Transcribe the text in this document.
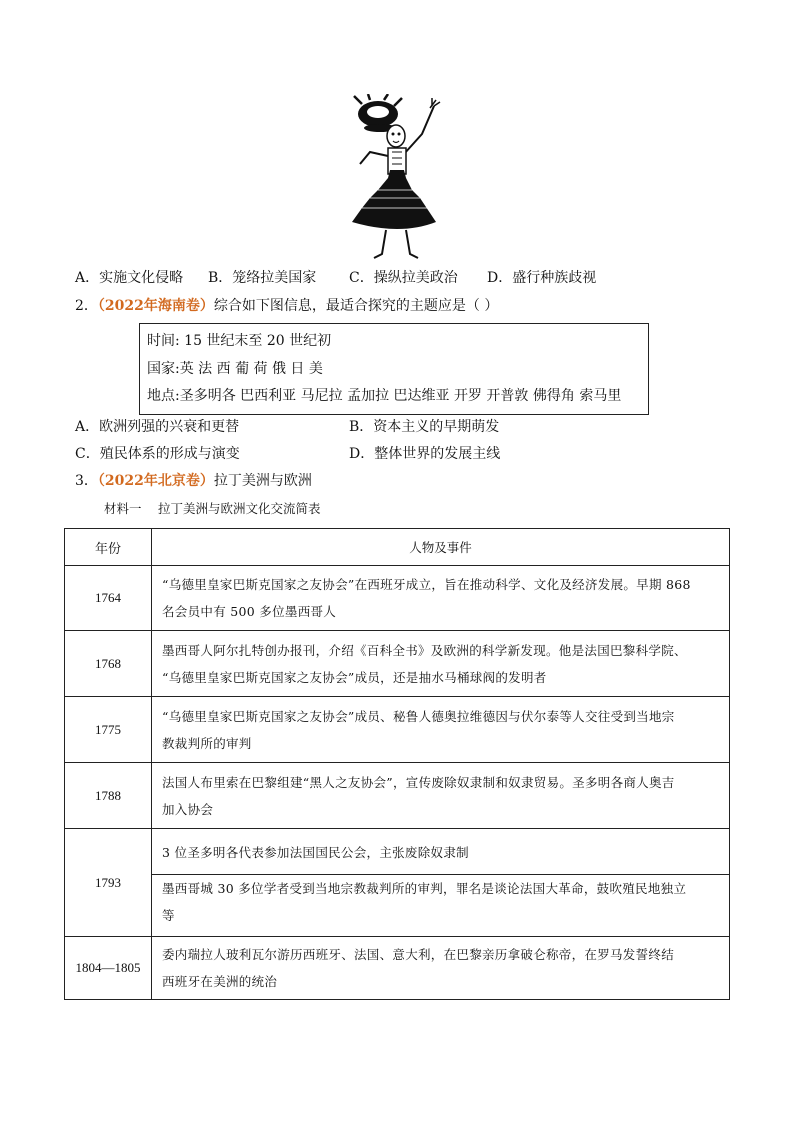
A．实施文化侵略 B．笼络拉美国家 C．操纵拉美政治 D．盛行种族歧视
2．（2022年海南卷）综合如下图信息，最适合探究的主题应是（ ）
时间: 15 世纪末至 20 世纪初
国家:英 法 西 葡 荷 俄 日 美
地点:圣多明各 巴西利亚 马尼拉 孟加拉 巴达维亚 开罗 开普敦 佛得角 索马里
A．欧洲列强的兴衰和更替	B．资本主义的早期萌发
C．殖民体系的形成与演变	D．整体世界的发展主线
3．（2022年北京卷）拉丁美洲与欧洲
材料一　 拉丁美洲与欧洲文化交流简表
年份	人物及事件
1764	“乌德里皇家巴斯克国家之友协会”在西班牙成立，旨在推动科学、文化及经济发展。早期 868
名会员中有 500 多位墨西哥人

1768	墨西哥人阿尔扎特创办报刊，介绍《百科全书》及欧洲的科学新发现。他是法国巴黎科学院、
“乌德里皇家巴斯克国家之友协会”成员，还是抽水马桶球阀的发明者

1775	“乌德里皇家巴斯克国家之友协会”成员、秘鲁人德奥拉维德因与伏尔泰等人交往受到当地宗
教裁判所的审判

1788	法国人布里索在巴黎组建“黑人之友协会”，宣传废除奴隶制和奴隶贸易。圣多明各商人奥吉
加入协会

1793	3 位圣多明各代表参加法国国民公会，主张废除奴隶制
墨西哥城 30 多位学者受到当地宗教裁判所的审判，罪名是谈论法国大革命，鼓吹殖民地独立
等

1804—1805	委内瑞拉人玻利瓦尔游历西班牙、法国、意大利，在巴黎亲历拿破仑称帝，在罗马发誓终结
西班牙在美洲的统治
